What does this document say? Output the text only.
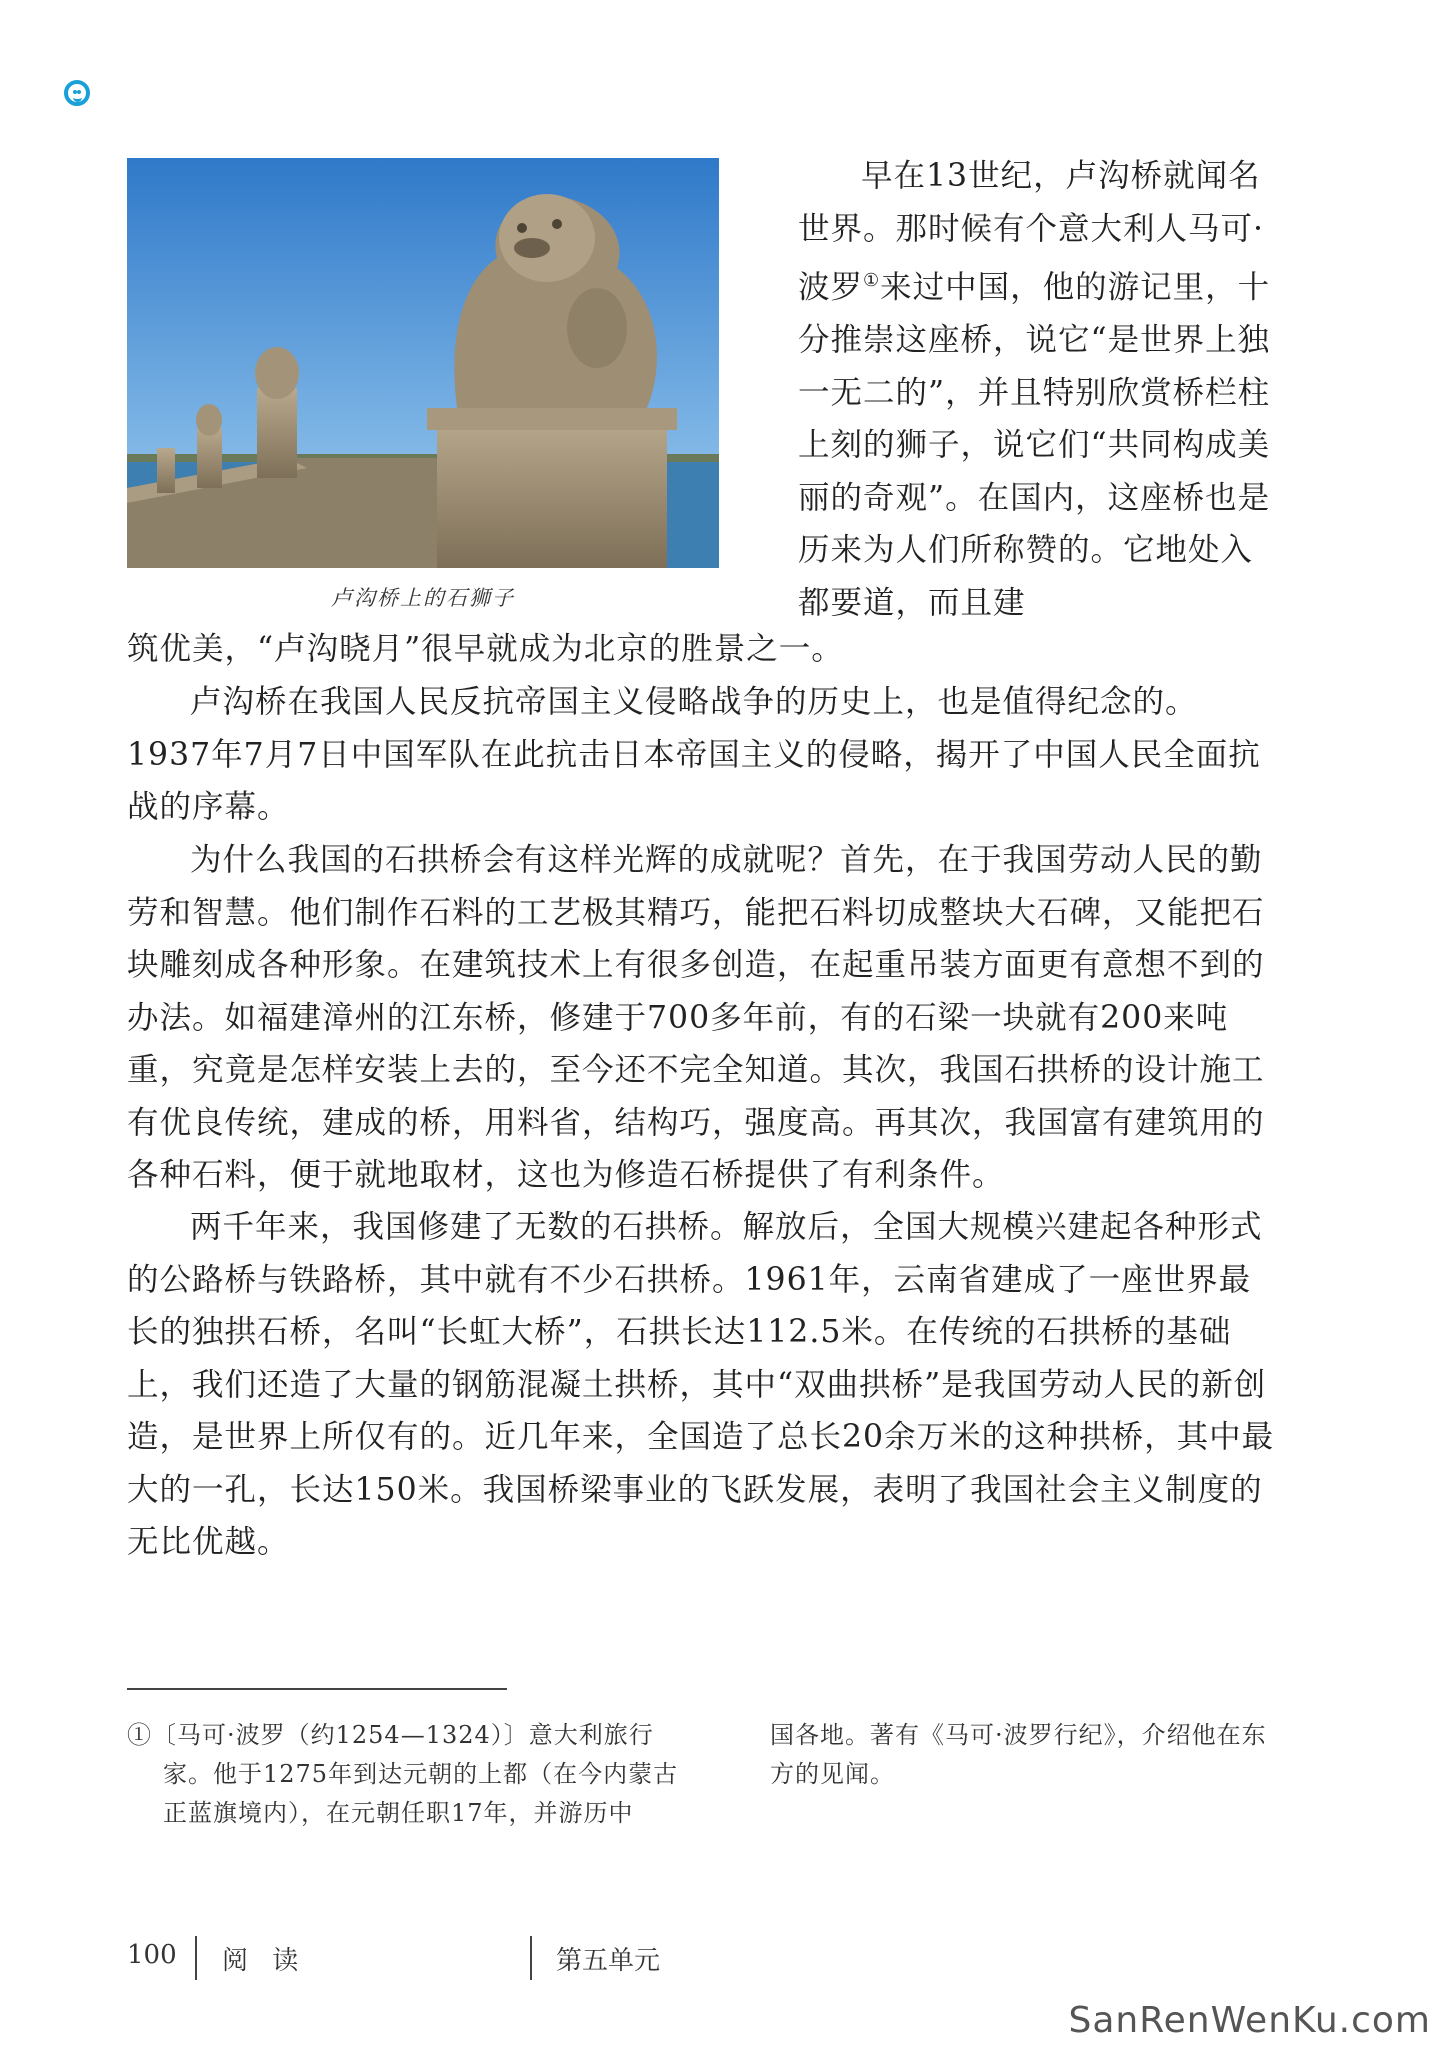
卢沟桥上的石狮子
早在13世纪，卢沟桥就闻名世界。那时候有个意大利人马可·波罗①来过中国，他的游记里，十分推崇这座桥，说它“是世界上独一无二的”，并且特别欣赏桥栏柱上刻的狮子，说它们“共同构成美丽的奇观”。在国内，这座桥也是历来为人们所称赞的。它地处入都要道，而且建
筑优美，“卢沟晓月”很早就成为北京的胜景之一。
卢沟桥在我国人民反抗帝国主义侵略战争的历史上，也是值得纪念的。1937年7月7日中国军队在此抗击日本帝国主义的侵略，揭开了中国人民全面抗战的序幕。
为什么我国的石拱桥会有这样光辉的成就呢？首先，在于我国劳动人民的勤劳和智慧。他们制作石料的工艺极其精巧，能把石料切成整块大石碑，又能把石块雕刻成各种形象。在建筑技术上有很多创造，在起重吊装方面更有意想不到的办法。如福建漳州的江东桥，修建于700多年前，有的石梁一块就有200来吨重，究竟是怎样安装上去的，至今还不完全知道。其次，我国石拱桥的设计施工有优良传统，建成的桥，用料省，结构巧，强度高。再其次，我国富有建筑用的各种石料，便于就地取材，这也为修造石桥提供了有利条件。
两千年来，我国修建了无数的石拱桥。解放后，全国大规模兴建起各种形式的公路桥与铁路桥，其中就有不少石拱桥。1961年，云南省建成了一座世界最长的独拱石桥，名叫“长虹大桥”，石拱长达112.5米。在传统的石拱桥的基础上，我们还造了大量的钢筋混凝土拱桥，其中“双曲拱桥”是我国劳动人民的新创造，是世界上所仅有的。近几年来，全国造了总长20余万米的这种拱桥，其中最大的一孔，长达150米。我国桥梁事业的飞跃发展，表明了我国社会主义制度的无比优越。
①〔马可·波罗（约1254—1324）〕意大利旅行
家。他于1275年到达元朝的上都（在今内蒙古正蓝旗境内），在元朝任职17年，并游历中
国各地。著有《马可·波罗行纪》，介绍他在东方的见闻。
100 阅 读	第五单元
SanRenWenKu.com
